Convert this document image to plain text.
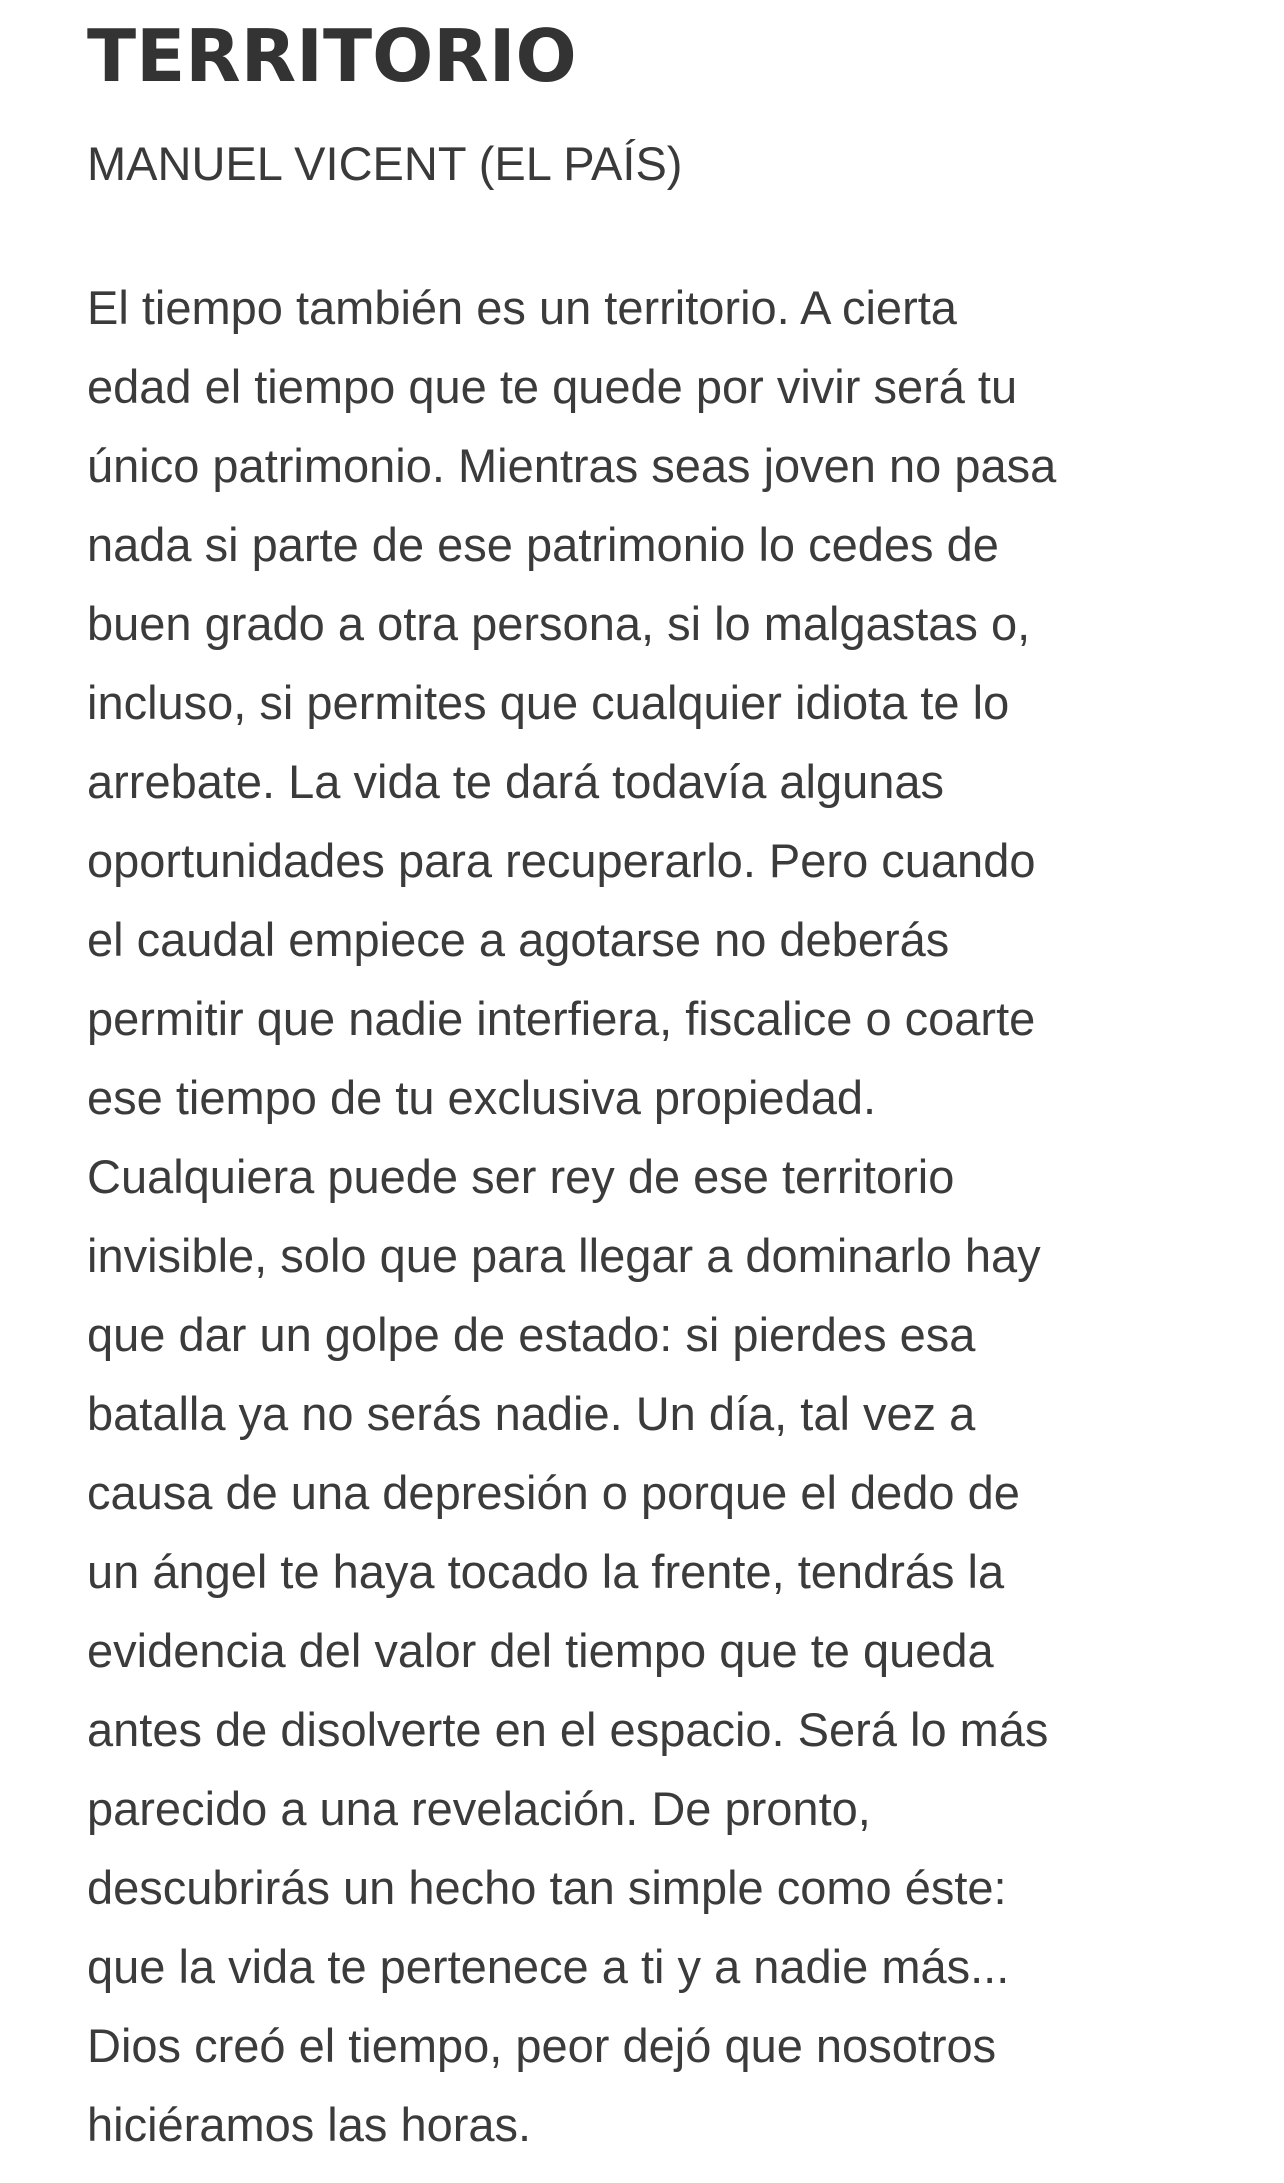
TERRITORIO

MANUEL VICENT (EL PAÍS)

El tiempo también es un territorio. A cierta
edad el tiempo que te quede por vivir será tu
único patrimonio. Mientras seas joven no pasa
nada si parte de ese patrimonio lo cedes de
buen grado a otra persona, si lo malgastas o,
incluso, si permites que cualquier idiota te lo
arrebate. La vida te dará todavía algunas
oportunidades para recuperarlo. Pero cuando
el caudal empiece a agotarse no deberás
permitir que nadie interfiera, fiscalice o coarte
ese tiempo de tu exclusiva propiedad.
Cualquiera puede ser rey de ese territorio
invisible, solo que para llegar a dominarlo hay
que dar un golpe de estado: si pierdes esa
batalla ya no serás nadie. Un día, tal vez a
causa de una depresión o porque el dedo de
un ángel te haya tocado la frente, tendrás la
evidencia del valor del tiempo que te queda
antes de disolverte en el espacio. Será lo más
parecido a una revelación. De pronto,
descubrirás un hecho tan simple como éste:
que la vida te pertenece a ti y a nadie más...
Dios creó el tiempo, peor dejó que nosotros
hiciéramos las horas.
